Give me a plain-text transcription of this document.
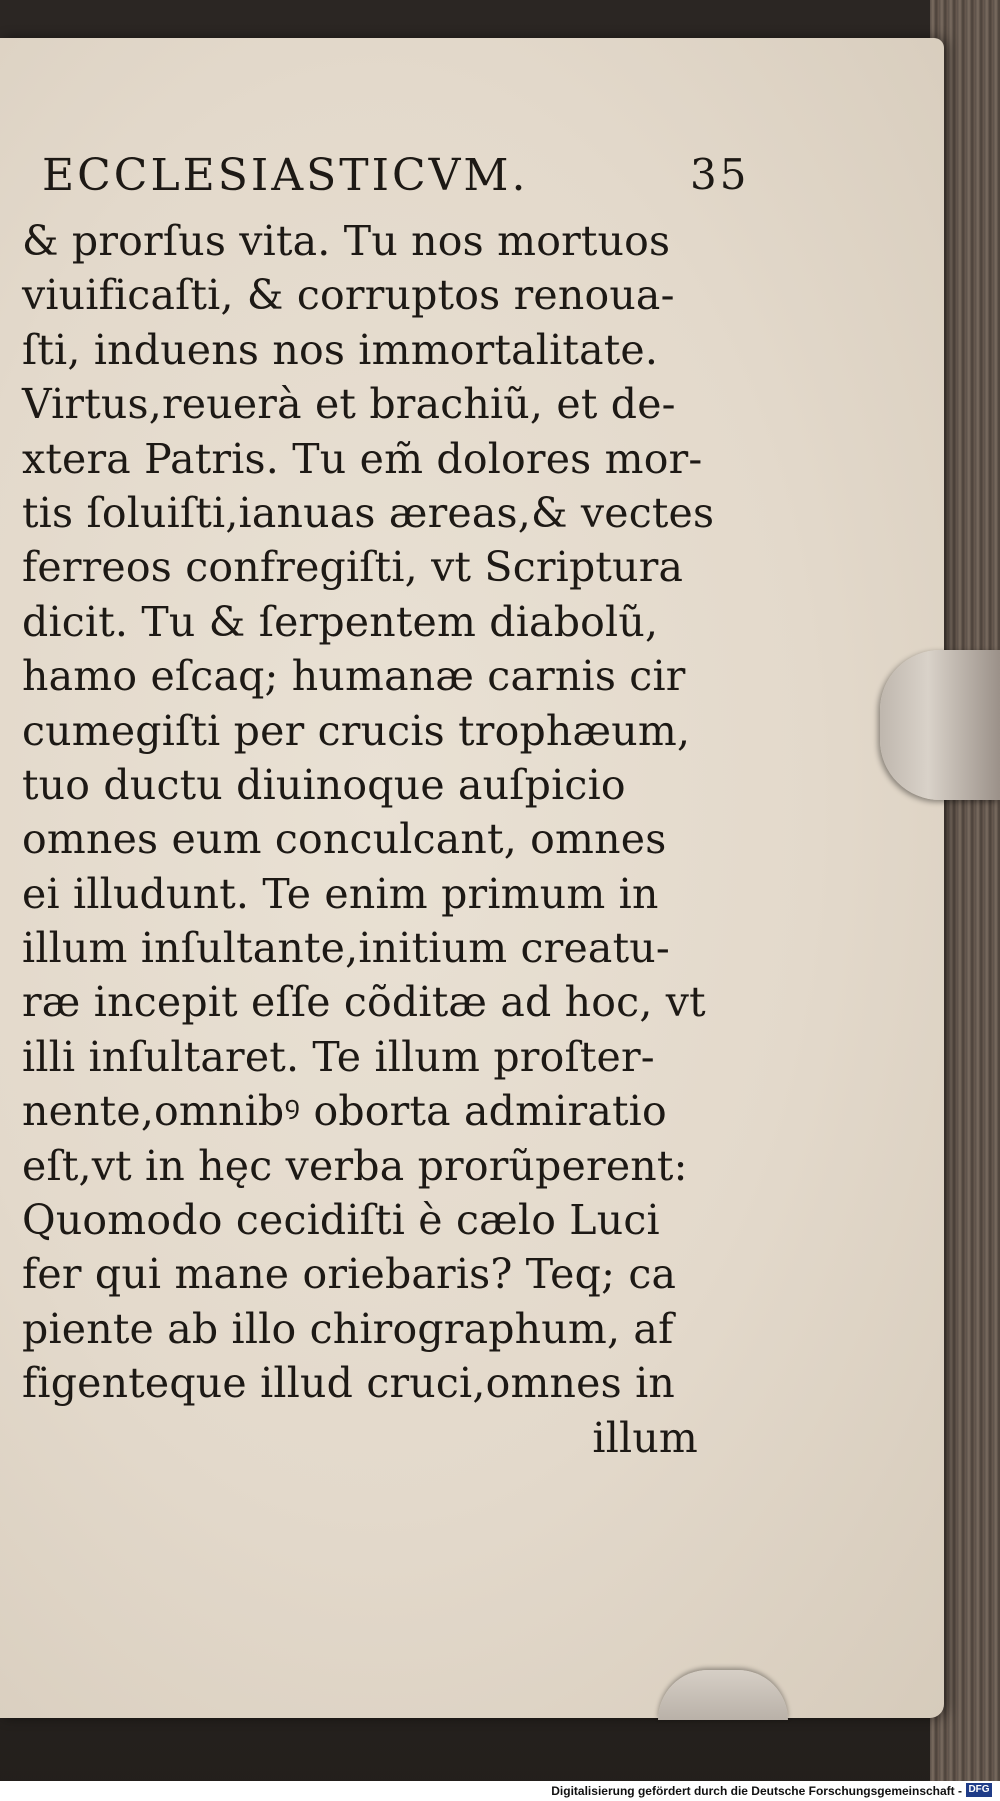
ECCLESIASTICVM.	35
& prorſus vita. Tu nos mortuos
viuificaſti, & corruptos renoua-
ſti, induens nos immortalitate.
Virtus,reuerà et brachiũ, et de-
xtera Patris. Tu em̃ dolores mor-
tis ſoluiſti,ianuas æreas,& vectes
ferreos confregiſti, vt Scriptura
dicit. Tu & ſerpentem diabolũ,
hamo eſcaq; humanæ carnis cir
cumegiſti per crucis trophæum,
tuo ductu diuinoque auſpicio
omnes eum conculcant, omnes
ei illudunt. Te enim primum in
illum inſultante,initium creatu-
ræ incepit eſſe cõditæ ad hoc, vt
illi inſultaret. Te illum proſter-
nente,omnibꝰ oborta admiratio
eſt,vt in hęc verba prorũperent:
Quomodo cecidiſti è cælo Luci
fer qui mane oriebaris? Teq; ca
piente ab illo chirographum, af
figenteque illud cruci,omnes in
illum
Digitalisierung gefördert durch die Deutsche Forschungsgemeinschaft - DFG
